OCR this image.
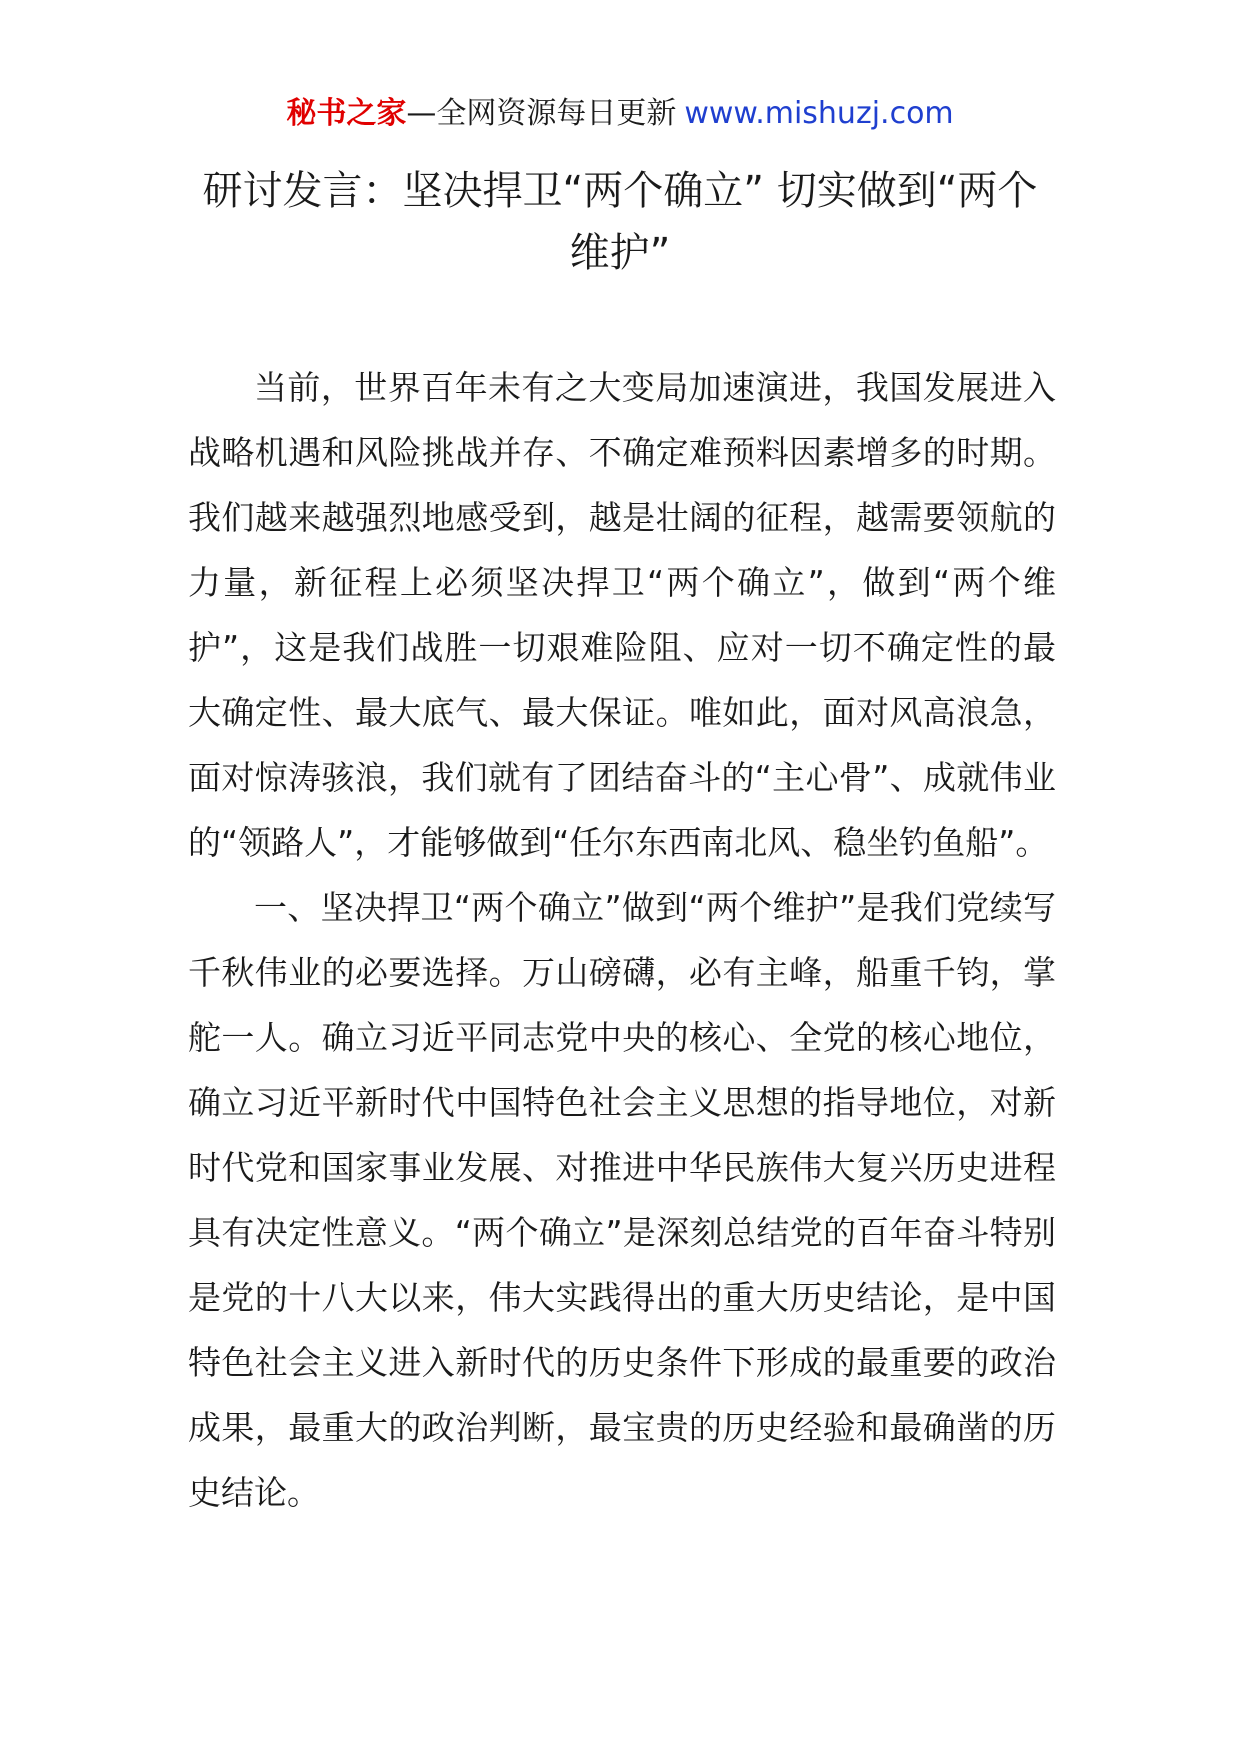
秘书之家—全网资源每日更新 www.mishuzj.com
研讨发言：坚决捍卫“两个确立” 切实做到“两个维护”

当前，世界百年未有之大变局加速演进，我国发展进入战略机遇和风险挑战并存、不确定难预料因素增多的时期。我们越来越强烈地感受到，越是壮阔的征程，越需要领航的力量，新征程上必须坚决捍卫“两个确立”，做到“两个维护”，这是我们战胜一切艰难险阻、应对一切不确定性的最大确定性、最大底气、最大保证。唯如此，面对风高浪急，面对惊涛骇浪，我们就有了团结奋斗的“主心骨”、成就伟业的“领路人”，才能够做到“任尔东西南北风、稳坐钓鱼船”。

一、坚决捍卫“两个确立”做到“两个维护”是我们党续写千秋伟业的必要选择。万山磅礴，必有主峰，船重千钧，掌舵一人。确立习近平同志党中央的核心、全党的核心地位，确立习近平新时代中国特色社会主义思想的指导地位，对新时代党和国家事业发展、对推进中华民族伟大复兴历史进程具有决定性意义。“两个确立”是深刻总结党的百年奋斗特别是党的十八大以来，伟大实践得出的重大历史结论，是中国特色社会主义进入新时代的历史条件下形成的最重要的政治成果，最重大的政治判断，最宝贵的历史经验和最确凿的历史结论。
